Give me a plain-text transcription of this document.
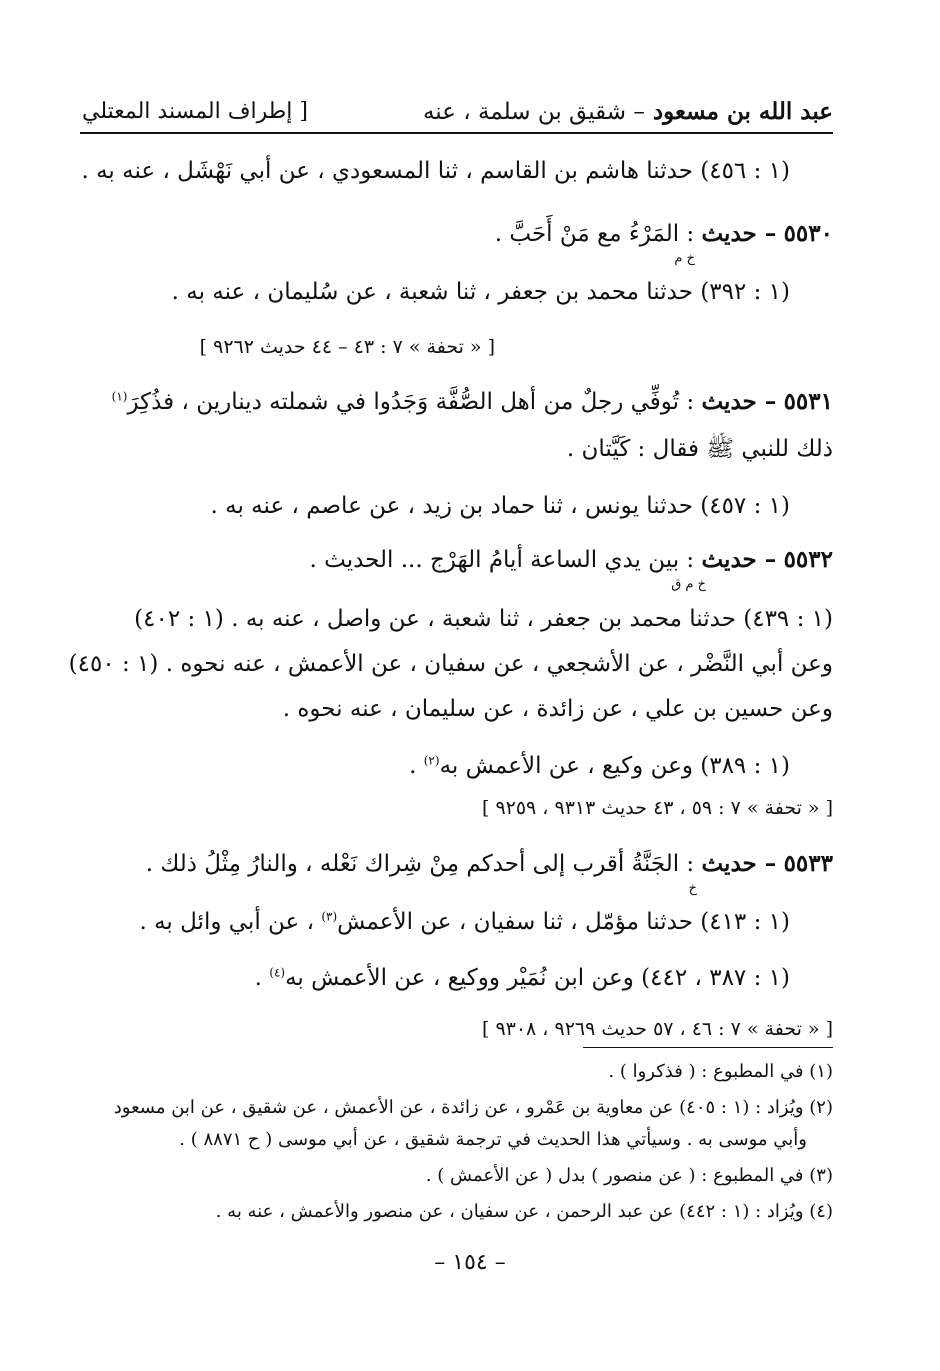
عبد الله بن مسعود – شقيق بن سلمة ، عنه
[ إطراف المسند المعتلي
(١ : ٤٥٦) حدثنا هاشم بن القاسم ، ثنا المسعودي ، عن أبي نَهْشَل ، عنه به .
٥٥٣٠ – حديث : المَرْءُ مع مَنْ أَحَبَّ .
خ م
(١ : ٣٩٢) حدثنا محمد بن جعفر ، ثنا شعبة ، عن سُليمان ، عنه به .
[ « تحفة » ٧ : ٤٣ – ٤٤ حديث ٩٢٦٢ ]
٥٥٣١ – حديث : تُوفِّي رجلٌ من أهل الصُّفَّة وَجَدُوا في شملته دينارين ، فذُكِرَ$^{(١)}$
ذلك للنبي ﷺ فقال : كَيَّتان .
(١ : ٤٥٧) حدثنا يونس ، ثنا حماد بن زيد ، عن عاصم ، عنه به .
٥٥٣٢ – حديث : بين يدي الساعة أيامُ الهَرْج ... الحديث .
خ م ق
(١ : ٤٣٩) حدثنا محمد بن جعفر ، ثنا شعبة ، عن واصل ، عنه به . (١ : ٤٠٢)
وعن أبي النَّضْر ، عن الأشجعي ، عن سفيان ، عن الأعمش ، عنه نحوه . (١ : ٤٥٠)
وعن حسين بن علي ، عن زائدة ، عن سليمان ، عنه نحوه .
(١ : ٣٨٩) وعن وكيع ، عن الأعمش به$^{(٢)}$ .
[ « تحفة » ٧ : ٥٩ ، ٤٣ حديث ٩٣١٣ ، ٩٢٥٩ ]
٥٥٣٣ – حديث : الجَنَّةُ أقرب إلى أحدكم مِنْ شِراك نَعْله ، والنارُ مِثْلُ ذلك .
خ
(١ : ٤١٣) حدثنا مؤمّل ، ثنا سفيان ، عن الأعمش$^{(٣)}$ ، عن أبي وائل به .
(١ : ٣٨٧ ، ٤٤٢) وعن ابن نُمَيْر ووكيع ، عن الأعمش به$^{(٤)}$ .
[ « تحفة » ٧ : ٤٦ ، ٥٧ حديث ٩٢٦٩ ، ٩٣٠٨ ]
(١) في المطبوع : ( فذكروا ) .
(٢) ويُزاد : (١ : ٤٠٥) عن معاوية بن عَمْرو ، عن زائدة ، عن الأعمش ، عن شقيق ، عن ابن مسعود
وأبي موسى به . وسيأتي هذا الحديث في ترجمة شقيق ، عن أبي موسى ( ح ٨٨٧١ ) .
(٣) في المطبوع : ( عن منصور ) بدل ( عن الأعمش ) .
(٤) ويُزاد : (١ : ٤٤٢) عن عبد الرحمن ، عن سفيان ، عن منصور والأعمش ، عنه به .
– ١٥٤ –
